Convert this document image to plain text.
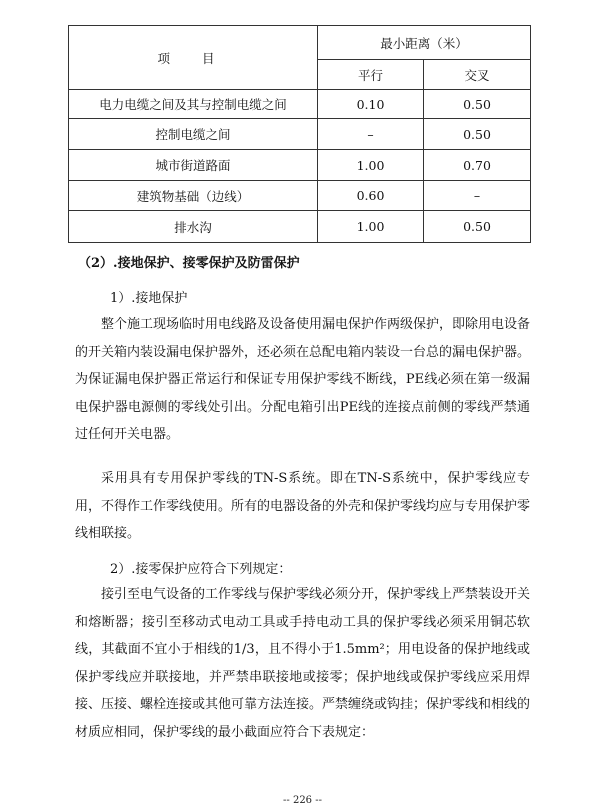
项 目	最小距离（米）	
	平行	交叉
电力电缆之间及其与控制电缆之间	0.10	0.50
控制电缆之间	–	0.50
城市街道路面	1.00	0.70
建筑物基础（边线）	0.60	–
排水沟	1.00	0.50

（2）.接地保护、接零保护及防雷保护

1）.接地保护

整个施工现场临时用电线路及设备使用漏电保护作两级保护，即除用电设备的开关箱内装设漏电保护器外，还必须在总配电箱内装设一台总的漏电保护器。为保证漏电保护器正常运行和保证专用保护零线不断线，PE线必须在第一级漏电保护器电源侧的零线处引出。分配电箱引出PE线的连接点前侧的零线严禁通过任何开关电器。

采用具有专用保护零线的TN-S系统。即在TN-S系统中，保护零线应专用，不得作工作零线使用。所有的电器设备的外壳和保护零线均应与专用保护零线相联接。

2）.接零保护应符合下列规定：

接引至电气设备的工作零线与保护零线必须分开，保护零线上严禁装设开关和熔断器；接引至移动式电动工具或手持电动工具的保护零线必须采用铜芯软线，其截面不宜小于相线的1/3，且不得小于1.5mm²；用电设备的保护地线或保护零线应并联接地，并严禁串联接地或接零；保护地线或保护零线应采用焊接、压接、螺栓连接或其他可靠方法连接。严禁缠绕或钩挂；保护零线和相线的材质应相同，保护零线的最小截面应符合下表规定：

-- 226 --
